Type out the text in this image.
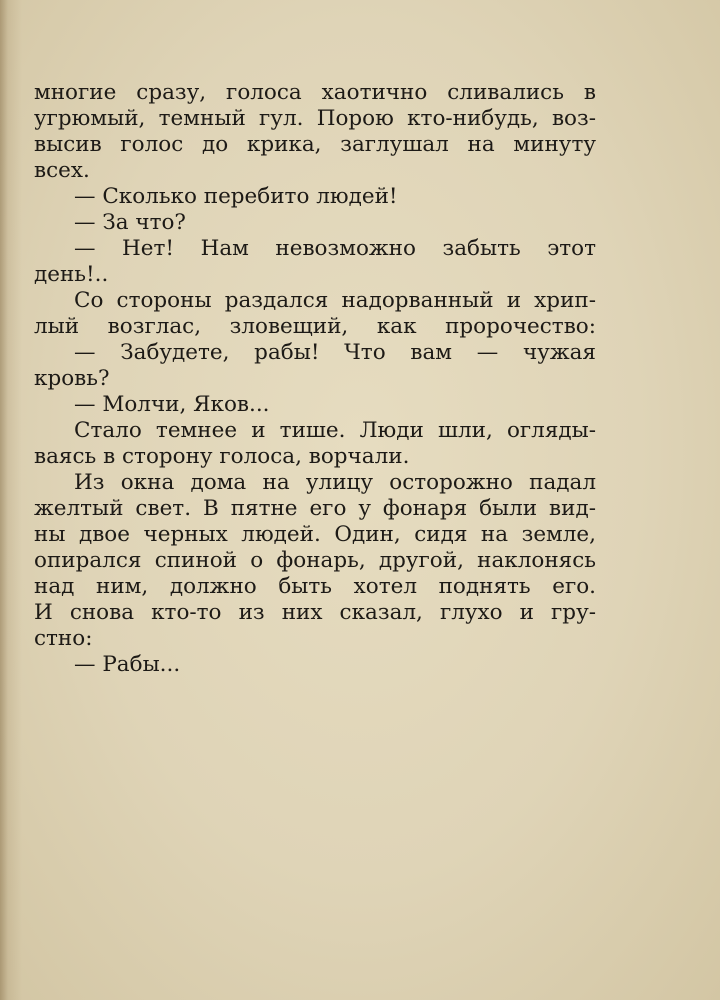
многие сразу, голоса хаотично сливались в
угрюмый, темный гул. Порою кто-нибудь, воз-
высив голос до крика, заглушал на минуту
всех.
— Сколько перебито людей!
— За что?
— Нет! Нам невозможно забыть этот
день!..
Со стороны раздался надорванный и хрип-
лый возглас, зловещий, как пророчество:
— Забудете, рабы! Что вам — чужая
кровь?
— Молчи, Яков...
Стало темнее и тише. Люди шли, огляды-
ваясь в сторону голоса, ворчали.
Из окна дома на улицу осторожно падал
желтый свет. В пятне его у фонаря были вид-
ны двое черных людей. Один, сидя на земле,
опирался спиной о фонарь, другой, наклонясь
над ним, должно быть хотел поднять его.
И снова кто-то из них сказал, глухо и гру-
стно:
— Рабы...
